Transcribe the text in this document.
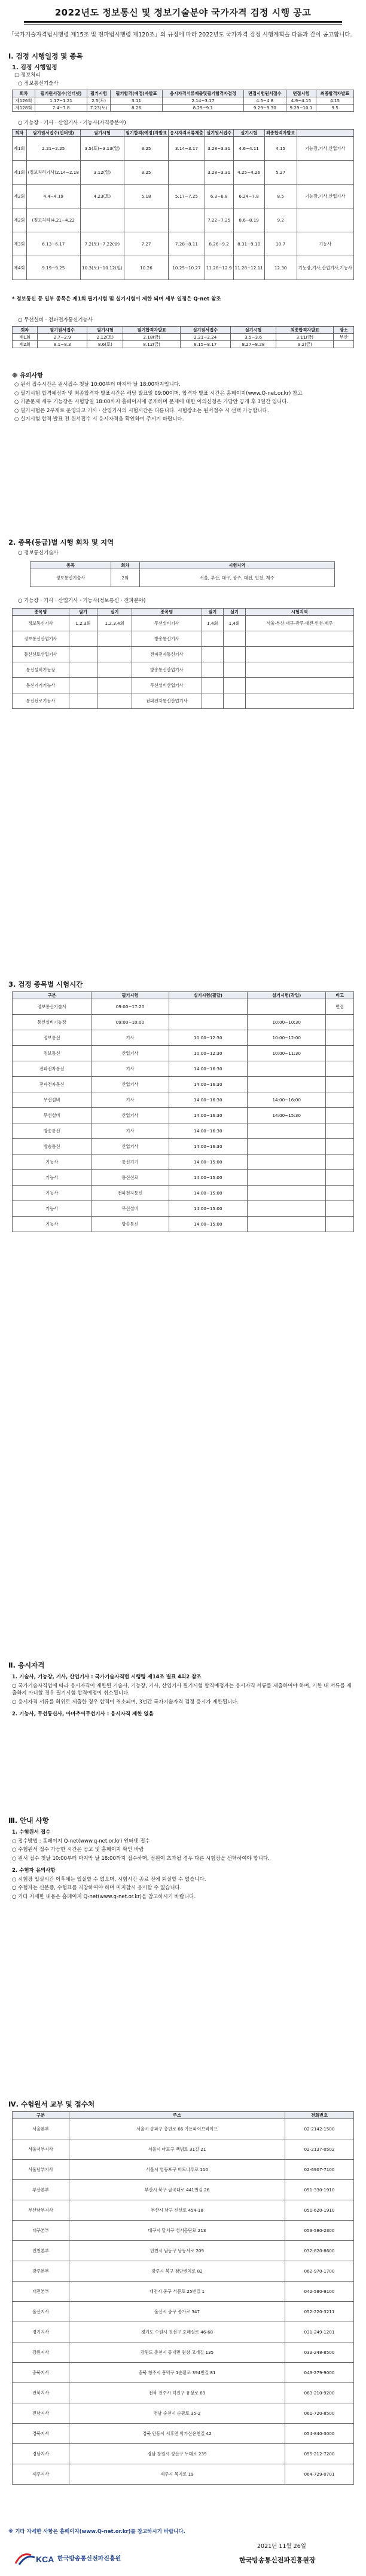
2022년도 정보통신 및 정보기술분야 국가자격 검정 시행 공고
「국가기술자격법시행령 제15조 및 전파법시행령 제120조」의 규정에 따라 2022년도 국가자격 검정 시행계획을 다음과 같이 공고합니다.
Ⅰ. 검정 시행일정 및 종목
1. 검정 시행일정
□ 정보처리
○ 정보통신기술사
회차	필기원서접수(인터넷)	필기시험	필기합격(예정)자발표	응시자격서류제출및필기합격자결정	면접시험원서접수	면접시험	최종합격자발표
제126회	1.17~1.21	2.5(토)	3.11	2.14~3.17	4.5~4.8	4.9~4.15	4.15
제128회	7.4~7.8	7.23(토)	8.26	8.29~9.1	9.29~9.30	9.29~10.1	9.5
○ 기능장 · 기사 · 산업기사 · 기능사(자격증분야)
회차	필기원서접수(인터넷)	필기시험	필기합격(예정)자발표	응시자격서류제출	실기원서접수	실기시험	최종합격자발표	
제1회	2.21~2.25	3.5(토)~3.13(일)	3.25	3.14~3.17	3.28~3.31	4.6~4.11	4.15	기능장,기사,산업기사
제1회	(정보처리기사)2.14~2.18	3.12(일)	3.25		3.28~3.31	4.25~4.26	5.27	
제2회	4.4~4.19	4.23(토)	5.18	5.17~7.25	6.3~6.8	6.24~7.8	8.5	기능장,기사,산업기사
제2회	(정보처리)4.21~4.22				7.22~7.25	8.6~8.19	9.2	
제3회	6.13~6.17	7.2(토)~7.22(금)	7.27	7.28~8.11	8.26~9.2	8.31~9.10	10.7	기능사
제4회	9.19~9.25	10.3(토)~10.12(일)	10.26	10.25~10.27	11.28~12.9	11.28~12.11	12.30	기능장,기사,산업기사,기능사
* 정보통신 등 일부 종목은 제1회 필기시험 및 실기시험이 제한 되며 세부 일정은 Q-net 참조
○ 무선설비 · 전파전자통신기능사
회차	필기원서접수	필기시험	필기합격자발표	실기원서접수	실기시험	최종합격자발표	장소
제1회	2.7~2.9	2.12(토)	2.18(금)	2.21~2.24	3.5~3.6	3.11(금)	부산
제2회	8.1~8.3	8.6(토)	8.12(금)	8.15~8.17	8.27~8.28	9.2(금)	
※ 유의사항

○ 원서 접수시간은 원서접수 첫날 10:00부터 마지막 날 18:00까지입니다.

○ 필기시험 합격예정자 및 최종합격자 발표시간은 해당 발표일 09:00이며, 합격자 발표 시간은 홈페이지(www.Q-net.or.kr) 참고

○ 기준문제 세부 기능장은 시험당일 18:00까지 홈페이지에 공개하며 문제에 대한 이의신청은 가답안 공개 후 3일간 입니다.

○ 필기시험은 2부제로 운영되고 기사 · 산업기사의 시험시간은 다릅니다. 시험장소는 원서접수 시 선택 가능합니다.

○ 실기시험 합격 발표 전 원서접수 시 응시자격을 확인하여 주시기 바랍니다.

2. 종목(등급)별 시행 회차 및 지역
○ 정보통신기술사
종목	회차	시험지역
정보통신기술사	2회	서울, 부산, 대구, 광주, 대전, 인천, 제주
○ 기능장 · 기사 · 산업기사 · 기능사(정보통신 · 전파분야)
종목명	필기	실기	종목명	필기	실기	시험지역
정보통신기사	1,2,3회	1,2,3,4회	무선설비기사	1,4회	1,4회	서울·부산·대구·광주·대전·인천·제주
정보통신산업기사			방송통신기사			
통신선로산업기사			전파전자통신기사			
통신설비기능장			방송통신산업기사			
통신기기기능사			무선설비산업기사			
통신선로기능사			전파전자통신산업기사			
3. 검정 종목별 시험시간
구분	필기시험	실기시험(필답)	실기시험(작업)	비고
정보통신기술사	09:00~17:20			면접
통신설비기능장	09:00~10:00		10:00~10:30	
정보통신	기사	10:00~12:30	10:00~12:00	
정보통신	산업기사	10:00~12:30	10:00~11:30	
전파전자통신	기사	14:00~16:30		
전파전자통신	산업기사	14:00~16:30		
무선설비	기사	14:00~16:30	14:00~16:00	
무선설비	산업기사	14:00~16:30	14:00~15:30	
방송통신	기사	14:00~16:30		
방송통신	산업기사	14:00~16:30		
기능사	통신기기	14:00~15:00		
기능사	통신선로	14:00~15:00		
기능사	전파전자통신	14:00~15:00		
기능사	무선설비	14:00~15:00		
기능사	방송통신	14:00~15:00		
Ⅱ. 응시자격

1. 기술사, 기능장, 기사, 산업기사 : 국가기술자격법 시행령 제14조 별표 4의2 참조

○ 국가기술자격법에 따라 응시자격이 제한된 기술사, 기능장, 기사, 산업기사 필기시험 합격예정자는 응시자격 서류를 제출하여야 하며, 기한 내 서류를 제출하지 아니할 경우 필기시험 합격예정이 취소됩니다.

○ 응시자격 서류를 허위로 제출한 경우 합격이 취소되며, 3년간 국가기술자격 검정 응시가 제한됩니다.

2. 기능사, 무선통신사, 아마추어무선기사 : 응시자격 제한 없음

Ⅲ. 안내 사항

1. 수험원서 접수

○ 접수방법 : 홈페이지 Q-net(www.q-net.or.kr) 인터넷 접수

○ 수험원서 접수 가능한 시간은 공고 및 홈페이지 확인 바람

○ 원서 접수 첫날 10:00부터 마지막 날 18:00까지 접수하며, 정원이 초과될 경우 다른 시험장을 선택하여야 합니다.

2. 수험자 유의사항

○ 시험장 입실시간 이후에는 입실할 수 없으며, 시험시간 종료 전에 퇴실할 수 없습니다.

○ 수험자는 신분증, 수험표를 지참하여야 하며 미지참시 응시할 수 없습니다.

○ 기타 자세한 내용은 홈페이지 Q-net(www.q-net.or.kr)을 참고하시기 바랍니다.

Ⅳ. 수험원서 교부 및 접수처
구분	주소	전화번호
서울본부	서울시 송파구 충민로 66 가든파이브라이프	02-2142-1500
서울서부지사	서울시 마포구 백범로 31길 21	02-2137-0502
서울남부지사	서울시 영등포구 버드나루로 110	02-6907-7100
부산본부	부산시 북구 금곡대로 441번길 26	051-330-1910
부산남부지사	부산시 남구 신선로 454-18	051-620-1910
대구본부	대구시 달서구 성서공단로 213	053-580-2300
인천본부	인천시 남동구 남동서로 209	032-820-8600
광주본부	광주시 북구 첨단벤처로 82	062-970-1700
대전본부	대전시 중구 서문로 25번길 1	042-580-9100
울산지사	울산시 중구 종가로 347	052-220-3211
경기지사	경기도 수원시 권선구 호매실로 46-68	031-249-1201
강원지사	강원도 춘천시 동내면 원창 고개길 135	033-248-8500
충북지사	충북 청주시 흥덕구 1순환로 394번길 81	043-279-9000
전북지사	전북 전주시 덕진구 유상로 69	063-210-9200
전남지사	전남 순천시 순광로 35-2	061-720-8500
경북지사	경북 안동시 서후면 학가산온천길 42	054-840-3000
경남지사	경남 창원시 성산구 두대로 239	055-212-7200
제주지사	제주시 복지로 19	064-729-0701
※ 기타 자세한 사항은 홈페이지(www.Q-net.or.kr)를 참고하시기 바랍니다.
2021년 11월 26일
KCA 한국방송통신전파진흥원	한국방송통신전파진흥원장
